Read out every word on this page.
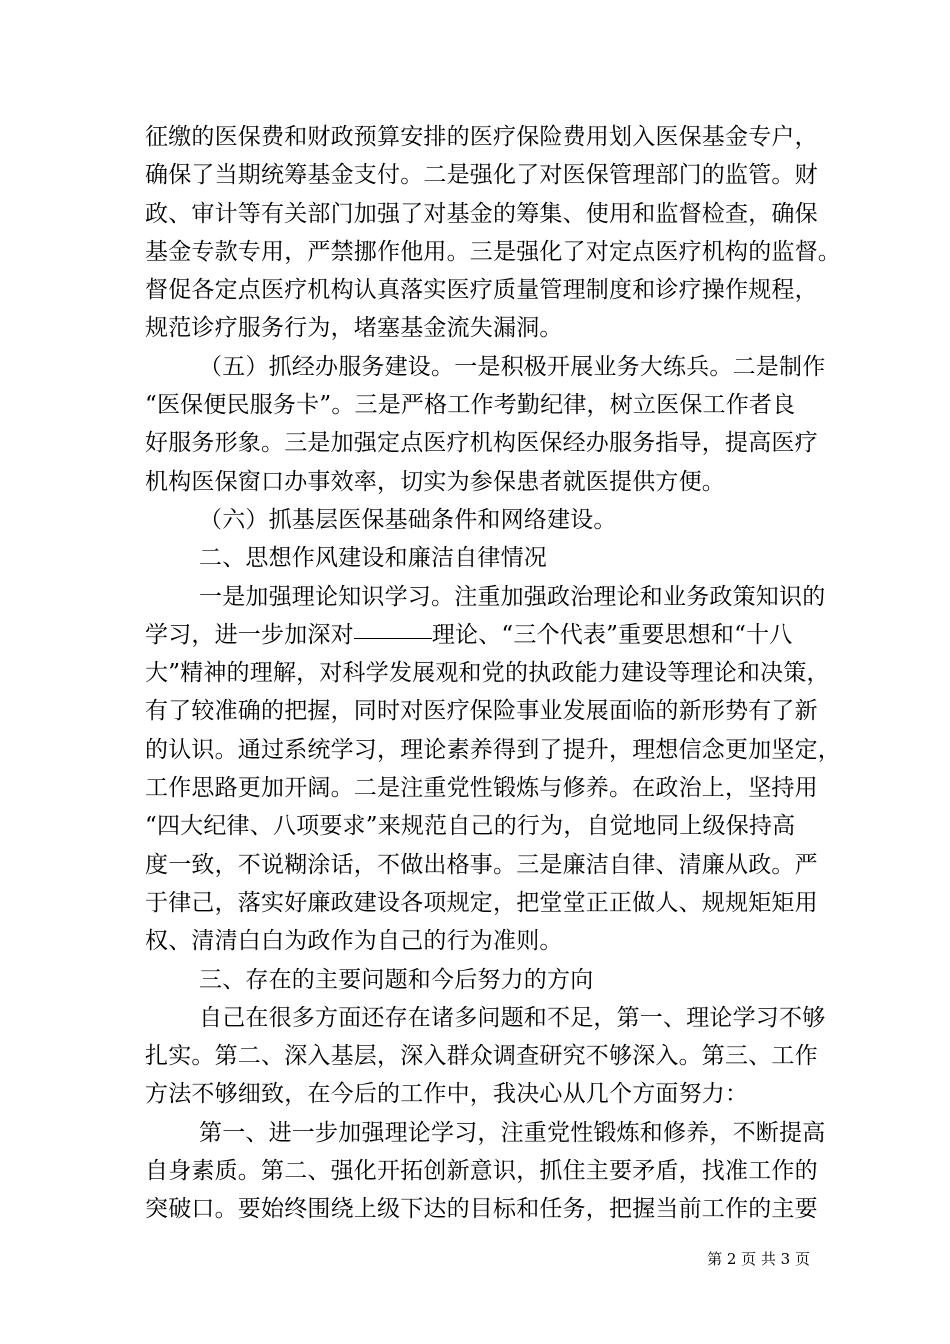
征缴的医保费和财政预算安排的医疗保险费用划入医保基金专户，
确保了当期统筹基金支付。二是强化了对医保管理部门的监管。财
政、审计等有关部门加强了对基金的筹集、使用和监督检查，确保
基金专款专用，严禁挪作他用。三是强化了对定点医疗机构的监督。
督促各定点医疗机构认真落实医疗质量管理制度和诊疗操作规程，
规范诊疗服务行为，堵塞基金流失漏洞。
（五）抓经办服务建设。一是积极开展业务大练兵。二是制作
“医保便民服务卡”。三是严格工作考勤纪律，树立医保工作者良
好服务形象。三是加强定点医疗机构医保经办服务指导，提高医疗
机构医保窗口办事效率，切实为参保患者就医提供方便。
（六）抓基层医保基础条件和网络建设。
二、思想作风建设和廉洁自律情况
一是加强理论知识学习。注重加强政治理论和业务政策知识的
学习，进一步加深对	理论、“三个代表”重要思想和“十八
大”精神的理解，对科学发展观和党的执政能力建设等理论和决策，
有了较准确的把握，同时对医疗保险事业发展面临的新形势有了新
的认识。通过系统学习，理论素养得到了提升，理想信念更加坚定，
工作思路更加开阔。二是注重党性锻炼与修养。在政治上，坚持用
“四大纪律、八项要求”来规范自己的行为，自觉地同上级保持高
度一致，不说糊涂话，不做出格事。三是廉洁自律、清廉从政。严
于律己，落实好廉政建设各项规定，把堂堂正正做人、规规矩矩用
权、清清白白为政作为自己的行为准则。
三、存在的主要问题和今后努力的方向
自己在很多方面还存在诸多问题和不足，第一、理论学习不够
扎实。第二、深入基层，深入群众调查研究不够深入。第三、工作
方法不够细致，在今后的工作中，我决心从几个方面努力：
第一、进一步加强理论学习，注重党性锻炼和修养，不断提高
自身素质。第二、强化开拓创新意识，抓住主要矛盾，找准工作的
突破口。要始终围绕上级下达的目标和任务，把握当前工作的主要
第 2 页 共 3 页
